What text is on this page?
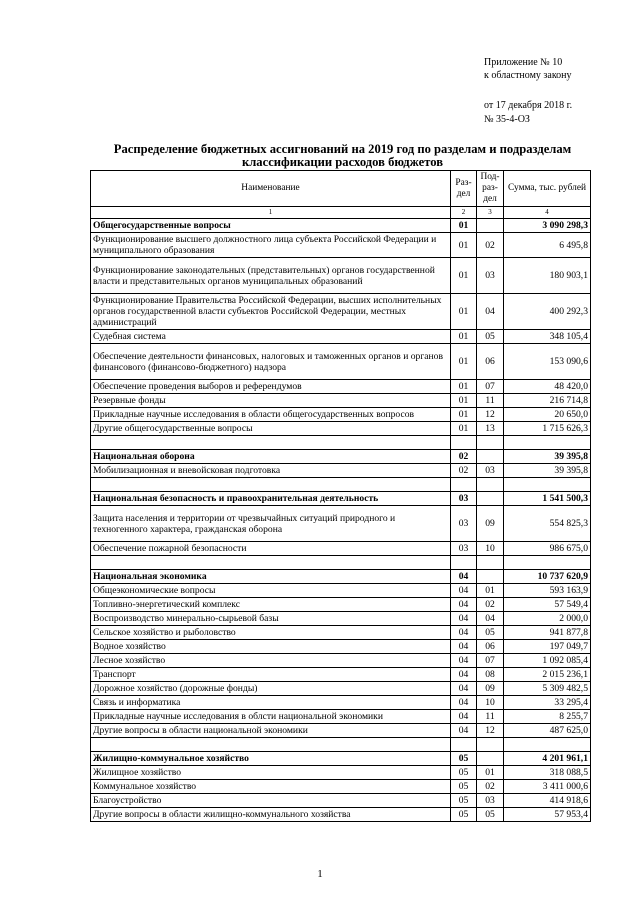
Приложение № 10
к областному закону
от 17 декабря 2018 г.
№ 35-4-ОЗ
Распределение бюджетных ассигнований на 2019 год по разделам и подразделам классификации расходов бюджетов
Наименование	Раз-дел	Под-раз-дел	Сумма, тыс. рублей
1	2	3	4
Общегосударственные вопросы	01		3 090 298,3
Функционирование высшего должностного лица субъекта Российской Федерации и муниципального образования	01	02	6 495,8
Функционирование законодательных (представительных) органов государственной власти и представительных органов муниципальных образований	01	03	180 903,1
Функционирование Правительства Российской Федерации, высших исполнительных органов государственной власти субъектов Российской Федерации, местных администраций	01	04	400 292,3
Судебная система	01	05	348 105,4
Обеспечение деятельности финансовых, налоговых и таможенных органов и органов финансового (финансово-бюджетного) надзора	01	06	153 090,6
Обеспечение проведения выборов и референдумов	01	07	48 420,0
Резервные фонды	01	11	216 714,8
Прикладные научные исследования в области общегосударственных вопросов	01	12	20 650,0
Другие общегосударственные вопросы	01	13	1 715 626,3

Национальная оборона	02		39 395,8
Мобилизационная и вневойсковая подготовка	02	03	39 395,8

Национальная безопасность и правоохранительная деятельность	03		1 541 500,3
Защита населения и территории от чрезвычайных ситуаций природного и техногенного характера, гражданская оборона	03	09	554 825,3
Обеспечение пожарной безопасности	03	10	986 675,0

Национальная экономика	04		10 737 620,9
Общеэкономические вопросы	04	01	593 163,9
Топливно-энергетический комплекс	04	02	57 549,4
Воспроизводство минерально-сырьевой базы	04	04	2 000,0
Сельское хозяйство и рыболовство	04	05	941 877,8
Водное хозяйство	04	06	197 049,7
Лесное хозяйство	04	07	1 092 085,4
Транспорт	04	08	2 015 236,1
Дорожное хозяйство (дорожные фонды)	04	09	5 309 482,5
Связь и информатика	04	10	33 295,4
Прикладные научные исследования в облсти национальной экономики	04	11	8 255,7
Другие вопросы в области национальной экономики	04	12	487 625,0

Жилищно-коммунальное хозяйство	05		4 201 961,1
Жилищное хозяйство	05	01	318 088,5
Коммунальное хозяйство	05	02	3 411 000,6
Благоустройство	05	03	414 918,6
Другие вопросы в области жилищно-коммунального хозяйства	05	05	57 953,4
1
